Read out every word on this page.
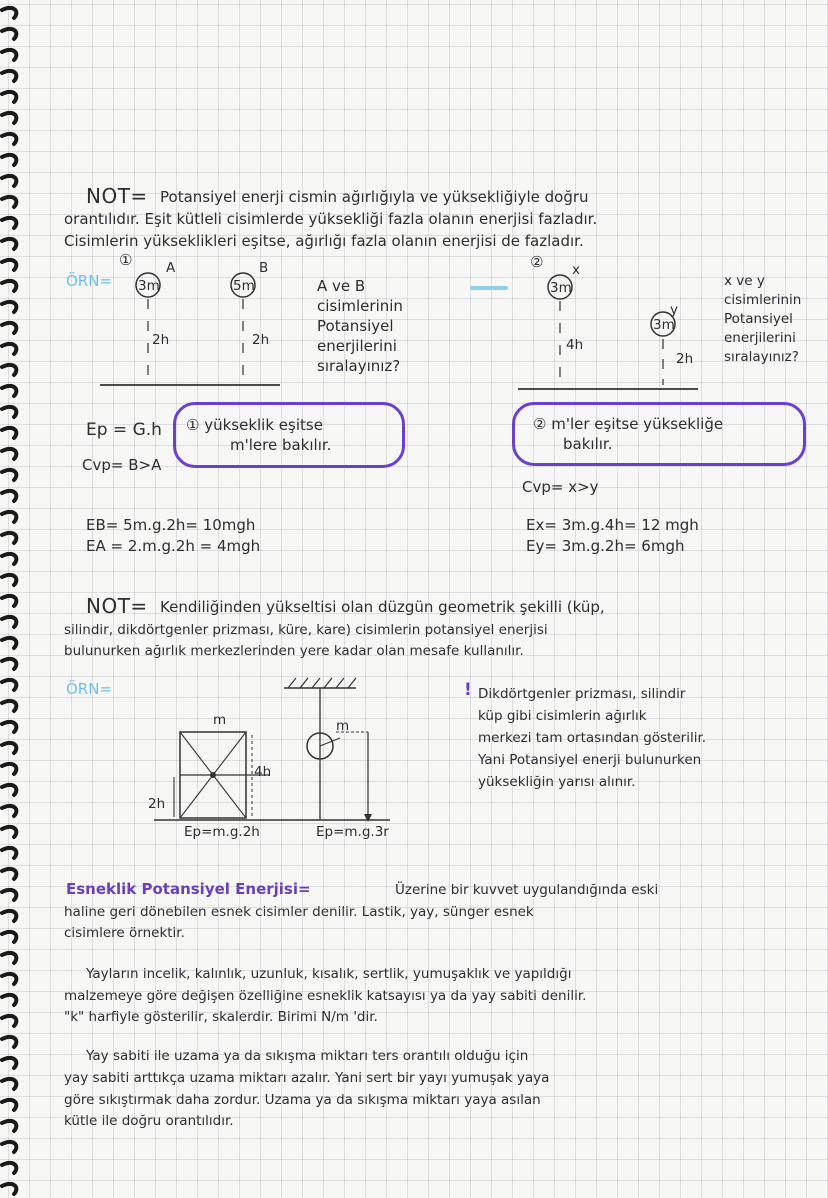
NOT= Potansiyel enerji cismin ağırlığıyla ve yüksekliğiyle doğru
orantılıdır. Eşit kütleli cisimlerde yüksekliği fazla olanın enerjisi fazladır.
Cisimlerin yükseklikleri eşitse, ağırlığı fazla olanın enerjisi de fazladır.
ÖRN=
①
3m	5m
A	B
2h	2h
A ve B
cisimlerinin
Potansiyel
enerjilerini
sıralayınız?
②
3m
3m
x
y
4h
2h
x ve y
cisimlerinin
Potansiyel
enerjilerini
sıralayınız?
Ep = G.h ① yükseklik eşitse
m'lere bakılır.
② m'ler eşitse yüksekliğe
bakılır.
Cvp= B>A
Cvp= x>y
EB= 5m.g.2h= 10mgh
EA = 2.m.g.2h = 4mgh
Ex= 3m.g.4h= 12 mgh
Ey= 3m.g.2h= 6mgh
NOT= Kendiliğinden yükseltisi olan düzgün geometrik şekilli (küp,
silindir, dikdörtgenler prizması, küre, kare) cisimlerin potansiyel enerjisi
bulunurken ağırlık merkezlerinden yere kadar olan mesafe kullanılır.
ÖRN=
m
4h
2h
Ep=m.g.2h
m
Ep=m.g.3r
! Dikdörtgenler prizması, silindir
küp gibi cisimlerin ağırlık
merkezi tam ortasından gösterilir.
Yani Potansiyel enerji bulunurken
yüksekliğin yarısı alınır.
Esneklik Potansiyel Enerjisi=	Üzerine bir kuvvet uygulandığında eski
haline geri dönebilen esnek cisimler denilir. Lastik, yay, sünger esnek
cisimlere örnektir.
Yayların incelik, kalınlık, uzunluk, kısalık, sertlik, yumuşaklık ve yapıldığı
malzemeye göre değişen özelliğine esneklik katsayısı ya da yay sabiti denilir.
"k" harfiyle gösterilir, skalerdir. Birimi N/m 'dir.
Yay sabiti ile uzama ya da sıkışma miktarı ters orantılı olduğu için
yay sabiti arttıkça uzama miktarı azalır. Yani sert bir yayı yumuşak yaya
göre sıkıştırmak daha zordur. Uzama ya da sıkışma miktarı yaya asılan
kütle ile doğru orantılıdır.
